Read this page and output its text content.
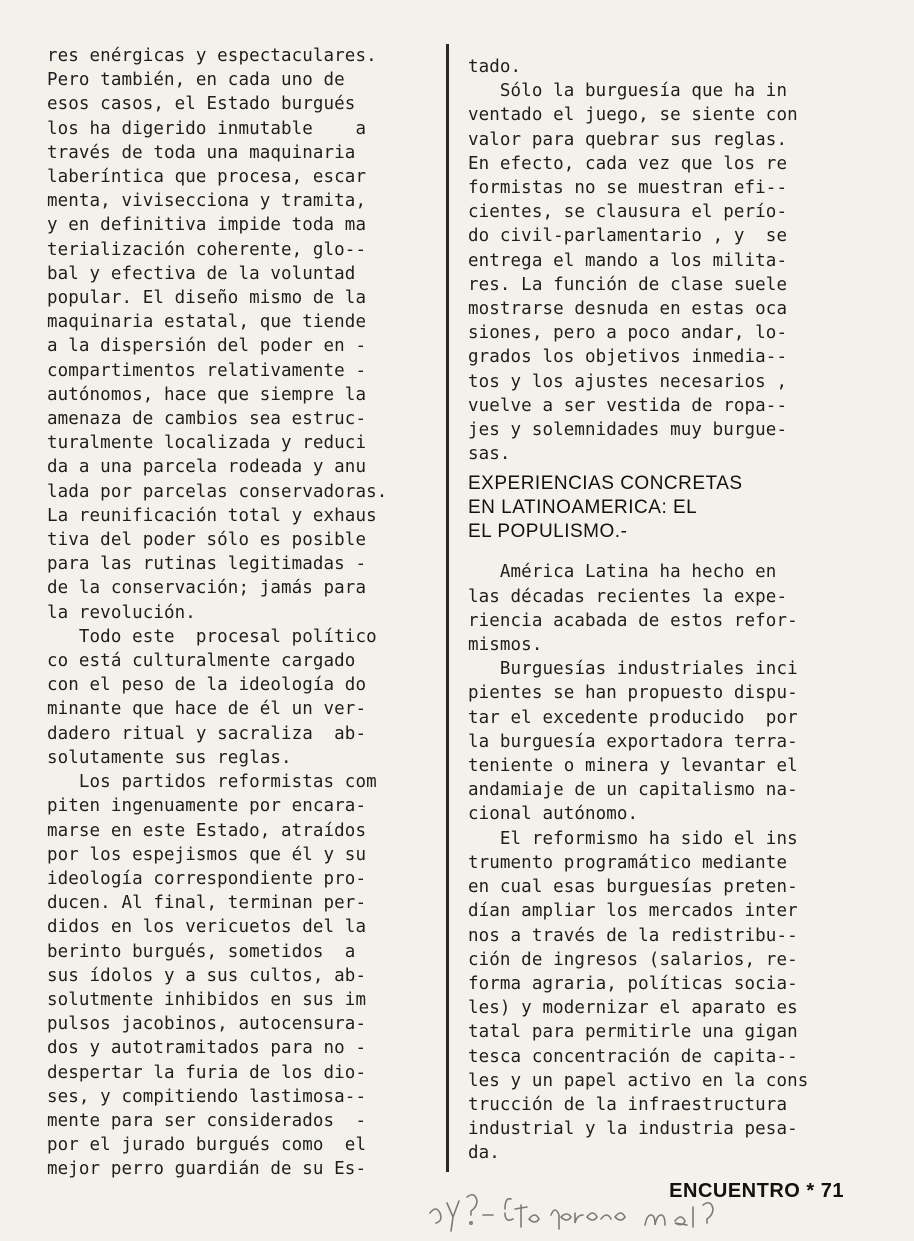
res enérgicas y espectaculares.
Pero también, en cada uno de
esos casos, el Estado burgués
los ha digerido inmutable    a
través de toda una maquinaria
laberíntica que procesa, escar
menta, vivisecciona y tramita,
y en definitiva impide toda ma
terialización coherente, glo--
bal y efectiva de la voluntad
popular. El diseño mismo de la
maquinaria estatal, que tiende
a la dispersión del poder en -
compartimentos relativamente -
autónomos, hace que siempre la
amenaza de cambios sea estruc-
turalmente localizada y reduci
da a una parcela rodeada y anu
lada por parcelas conservadoras.
La reunificación total y exhaus
tiva del poder sólo es posible
para las rutinas legitimadas -
de la conservación; jamás para
la revolución.
Todo este  procesal político
co está culturalmente cargado
con el peso de la ideología do
minante que hace de él un ver-
dadero ritual y sacraliza  ab-
solutamente sus reglas.
Los partidos reformistas com
piten ingenuamente por encara-
marse en este Estado, atraídos
por los espejismos que él y su
ideología correspondiente pro-
ducen. Al final, terminan per-
didos en los vericuetos del la
berinto burgués, sometidos  a
sus ídolos y a sus cultos, ab-
solutmente inhibidos en sus im
pulsos jacobinos, autocensura-
dos y autotramitados para no -
despertar la furia de los dio-
ses, y compitiendo lastimosa--
mente para ser considerados  -
por el jurado burgués como  el
mejor perro guardián de su Es-
tado.
Sólo la burguesía que ha in
ventado el juego, se siente con
valor para quebrar sus reglas.
En efecto, cada vez que los re
formistas no se muestran efi--
cientes, se clausura el perío-
do civil-parlamentario , y  se
entrega el mando a los milita-
res. La función de clase suele
mostrarse desnuda en estas oca
siones, pero a poco andar, lo-
grados los objetivos inmedia--
tos y los ajustes necesarios ,
vuelve a ser vestida de ropa--
jes y solemnidades muy burgue-
sas.
EXPERIENCIAS CONCRETAS
EN LATINOAMERICA: EL
EL POPULISMO.-
América Latina ha hecho en
las décadas recientes la expe-
riencia acabada de estos refor-
mismos.
Burguesías industriales inci
pientes se han propuesto dispu-
tar el excedente producido  por
la burguesía exportadora terra-
teniente o minera y levantar el
andamiaje de un capitalismo na-
cional autónomo.
El reformismo ha sido el ins
trumento programático mediante
en cual esas burguesías preten-
dían ampliar los mercados inter
nos a través de la redistribu--
ción de ingresos (salarios, re-
forma agraria, políticas socia-
les) y modernizar el aparato es
tatal para permitirle una gigan
tesca concentración de capita--
les y un papel activo en la cons
trucción de la infraestructura
industrial y la industria pesa-
da.
¿Y? — ¿te parece mal?
ENCUENTRO * 71
